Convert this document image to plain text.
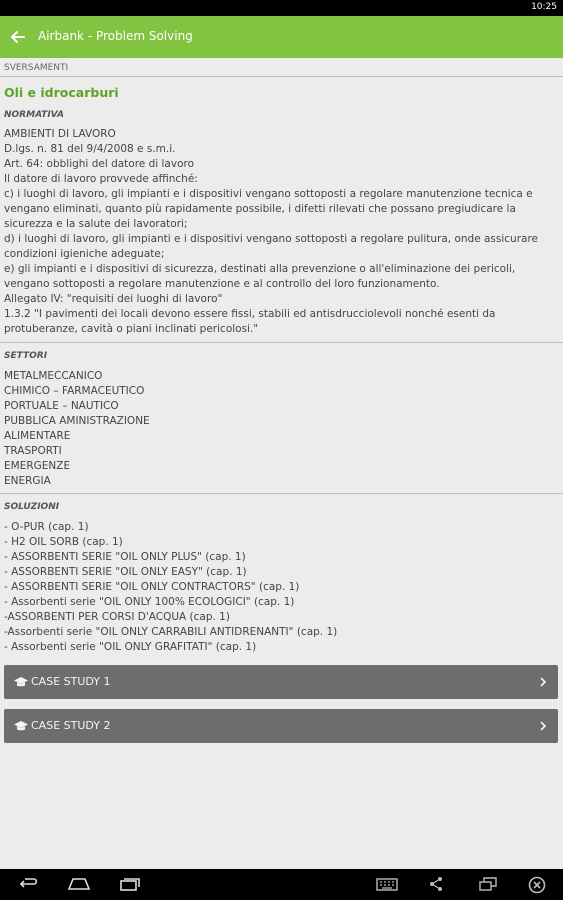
10:25
Airbank - Problem Solving
SVERSAMENTI
Oli e idrocarburi
NORMATIVA
AMBIENTI DI LAVORO
D.lgs. n. 81 del 9/4/2008 e s.m.i.
Art. 64: obblighi del datore di lavoro
Il datore di lavoro provvede affinché:
c) i luoghi di lavoro, gli impianti e i dispositivi vengano sottoposti a regolare manutenzione tecnica e
vengano eliminati, quanto più rapidamente possibile, i difetti rilevati che possano pregiudicare la
sicurezza e la salute dei lavoratori;
d) i luoghi di lavoro, gli impianti e i dispositivi vengano sottoposti a regolare pulitura, onde assicurare
condizioni igieniche adeguate;
e) gli impianti e i dispositivi di sicurezza, destinati alla prevenzione o all'eliminazione dei pericoli,
vengano sottoposti a regolare manutenzione e al controllo del loro funzionamento.
Allegato IV: "requisiti dei luoghi di lavoro"
1.3.2 "I pavimenti dei locali devono essere fissi, stabili ed antisdrucciolevoli nonché esenti da
protuberanze, cavità o piani inclinati pericolosi."
SETTORI
METALMECCANICO
CHIMICO – FARMACEUTICO
PORTUALE – NAUTICO
PUBBLICA AMINISTRAZIONE
ALIMENTARE
TRASPORTI
EMERGENZE
ENERGIA
SOLUZIONI
- O-PUR (cap. 1)
- H2 OIL SORB (cap. 1)
- ASSORBENTI SERIE "OIL ONLY PLUS" (cap. 1)
- ASSORBENTI SERIE "OIL ONLY EASY" (cap. 1)
- ASSORBENTI SERIE "OIL ONLY CONTRACTORS" (cap. 1)
- Assorbenti serie "OIL ONLY 100% ECOLOGICI" (cap. 1)
-ASSORBENTI PER CORSI D'ACQUA (cap. 1)
-Assorbenti serie "OIL ONLY CARRABILI ANTIDRENANTI" (cap. 1)
- Assorbenti serie "OIL ONLY GRAFITATI" (cap. 1)
CASE STUDY 1
CASE STUDY 2
